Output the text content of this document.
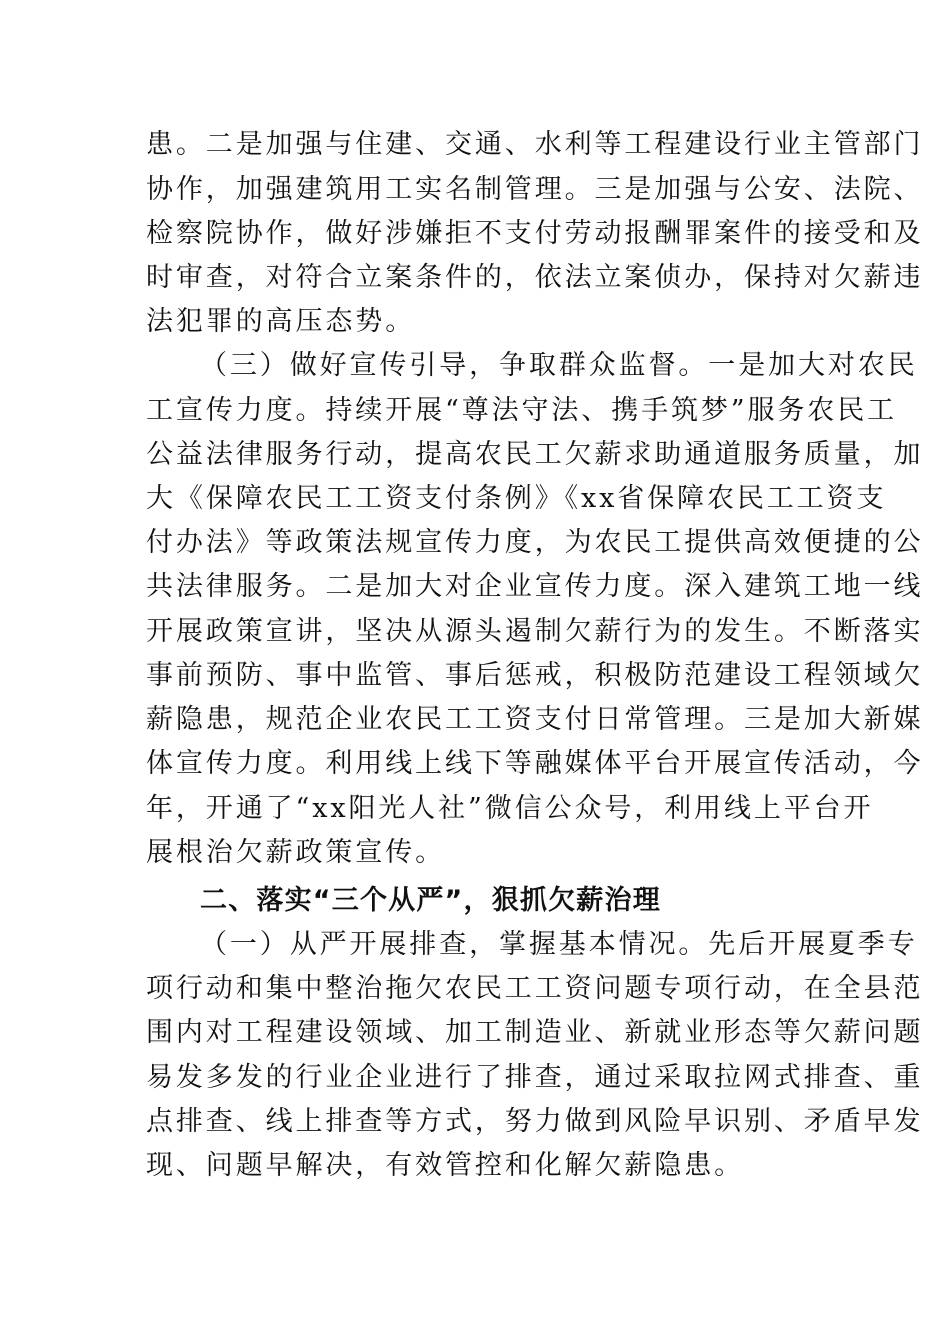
患。二是加强与住建、交通、水利等工程建设行业主管部门
协作，加强建筑用工实名制管理。三是加强与公安、法院、
检察院协作，做好涉嫌拒不支付劳动报酬罪案件的接受和及
时审查，对符合立案条件的，依法立案侦办，保持对欠薪违
法犯罪的高压态势。
（三）做好宣传引导，争取群众监督。一是加大对农民
工宣传力度。持续开展“尊法守法、携手筑梦”服务农民工
公益法律服务行动，提高农民工欠薪求助通道服务质量，加
大《保障农民工工资支付条例》《xx省保障农民工工资支
付办法》等政策法规宣传力度，为农民工提供高效便捷的公
共法律服务。二是加大对企业宣传力度。深入建筑工地一线
开展政策宣讲，坚决从源头遏制欠薪行为的发生。不断落实
事前预防、事中监管、事后惩戒，积极防范建设工程领域欠
薪隐患，规范企业农民工工资支付日常管理。三是加大新媒
体宣传力度。利用线上线下等融媒体平台开展宣传活动，今
年，开通了“xx阳光人社”微信公众号，利用线上平台开
展根治欠薪政策宣传。
二、落实“三个从严”，狠抓欠薪治理
（一）从严开展排查，掌握基本情况。先后开展夏季专
项行动和集中整治拖欠农民工工资问题专项行动，在全县范
围内对工程建设领域、加工制造业、新就业形态等欠薪问题
易发多发的行业企业进行了排查，通过采取拉网式排查、重
点排查、线上排查等方式，努力做到风险早识别、矛盾早发
现、问题早解决，有效管控和化解欠薪隐患。
